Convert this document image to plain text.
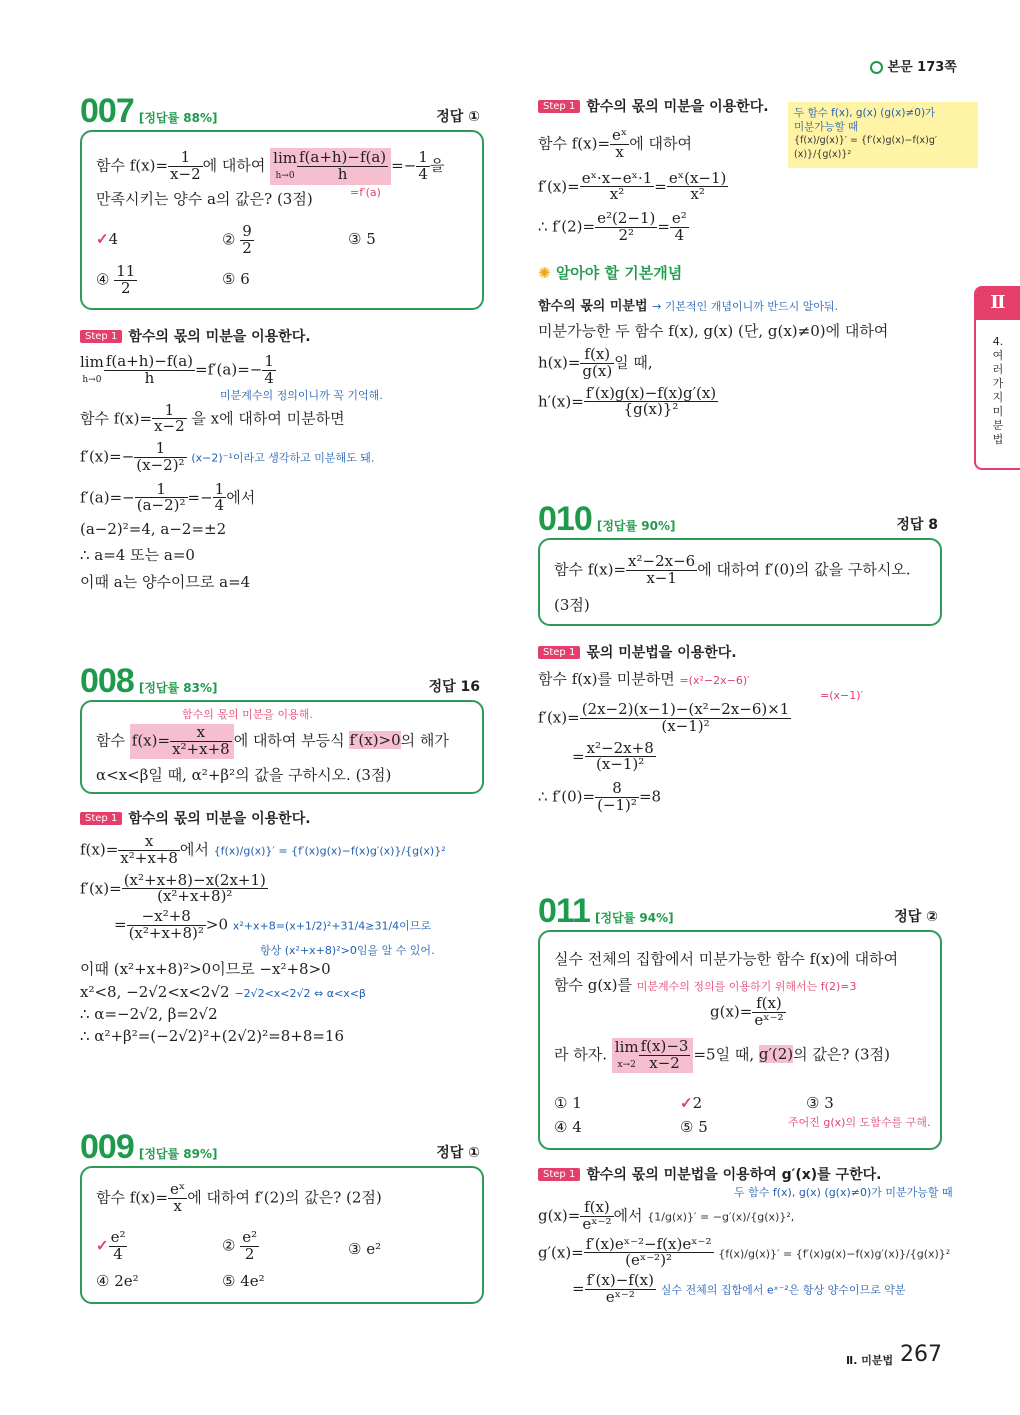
본문 173쪽
007 [정답률 88%]	정답 ①
함수 $f(x)= \frac{1}{x-2}$ 에 대하여 lim
$h\to 0 \frac{f(a+h)-f(a)}{h} =- \frac{1}{4}$ 을
=f′(a)
만족시키는 양수 a의 값은? (3점)
✓4	② $\frac{9}{2}$	③ 5
④ $\frac{11}{2}$	⑤ 6
Step 1 함수의 몫의 미분을 이용한다.
lim
$h\to 0 \frac{f(a+h)-f(a)}{h} =f'(a)=- \frac{1}{4}$
미분계수의 정의이니까 꼭 기억해.
함수 $f(x)= \frac{1}{x-2}$ 을 x에 대하여 미분하면
$f'(x)=- \frac{1}{\text{(x−2)²}} (x-2)^{-1}$이라고 생각하고 미분해도 돼.
$f'(a)=- \frac{1}{\text{(a−2)²}} =- \frac{1}{4}$ 에서
(a−2)²=4, a−2=±2
∴ a=4 또는 a=0
이때 a는 양수이므로 a=4
008 [정답률 83%]	정답 16
함수의 몫의 미분을 이용해.
함수 $f(x)= \frac{x}{\text{x²+x+8}}$ 에 대하여 부등식 f′(x)>0의 해가
α<x<β일 때, α²+β²의 값을 구하시오. (3점)
Step 1 함수의 몫의 미분을 이용한다.
$f(x)= \frac{x}{\text{x²+x+8}}$ 에서 {f(x)/g(x)}′ = {f′(x)g(x)−f(x)g′(x)}/{g(x)}²
$f'(x)= \frac{\text{(x²+x+8)−x(2x+1)}}{\text{(x²+x+8)²}}$
= $\frac{\text{−x²+8}}{\text{(x²+x+8)²}} >0$ x²+x+8=(x+1/2)²+31/4≥31/4이므로
항상 (x²+x+8)²>0임을 알 수 있어.
이때 (x²+x+8)²>0이므로 −x²+8>0
x²<8, −2√2<x<2√2 −2√2<x<2√2 ⇔ α<x<β
∴ α=−2√2, β=2√2
∴ α²+β²=(−2√2)²+(2√2)²=8+8=16
009 [정답률 89%]	정답 ①
함수 $f(x)= \frac{\text{eˣ}}{x}$ 에 대하여 f′(2)의 값은? (2점)
✓ $\frac{\text{e²}}{4}$	② $\frac{\text{e²}}{2}$	③ e²
④ 2e²	⑤ 4e²
Step 1 함수의 몫의 미분을 이용한다.
함수 $f(x)= \frac{\text{eˣ}}{x}$ 에 대하여
$f'(x)= \frac{\text{eˣ·x−eˣ·1}}{\text{x²}} = \frac{\text{eˣ(x−1)}}{\text{x²}}$
∴ $f'(2)= \frac{\text{e²(2−1)}}{\text{2²}} = \frac{\text{e²}}{4}$
두 함수 f(x), g(x) (g(x)≠0)가
미분가능할 때
{f(x)/g(x)}′ = {f′(x)g(x)−f(x)g′(x)}/{g(x)}²
✺ 알아야 할 기본개념
함수의 몫의 미분법 → 기본적인 개념이니까 반드시 알아둬.
미분가능한 두 함수 f(x), g(x) (단, g(x)≠0)에 대하여
$h(x)= \frac{f(x)}{g(x)}$ 일 때,
$h'(x)= \frac{f'(x)g(x)-f(x)g'(x)}{\text{\{g(x)\}²}}$
010 [정답률 90%]	정답 8
함수 $f(x)= \frac{\text{x²−2x−6}}{x-1}$ 에 대하여 f′(0)의 값을 구하시오.
(3점)
Step 1 몫의 미분법을 이용한다.
함수 f(x)를 미분하면 =(x²−2x−6)′
=(x−1)′
$f'(x)= \frac{\text{(2x−2)(x−1)−(x²−2x−6)×1}}{\text{(x−1)²}}$
= $\frac{\text{x²−2x+8}}{\text{(x−1)²}}$
∴ $f'(0)= \frac{8}{\text{(−1)²}} =8$
011 [정답률 94%]	정답 ②
실수 전체의 집합에서 미분가능한 함수 f(x)에 대하여
함수 g(x)를 미분계수의 정의를 이용하기 위해서는 f(2)=3
$g(x)= \frac{f(x)}{\text{eˣ⁻²}}$
라 하자. lim
$x\to 2 \frac{f(x)-3}{x-2} =5$일 때, g′(2)의 값은? (3점)
① 1	✓2	③ 3
주어진 g(x)의 도함수를 구해.
④ 4	⑤ 5
Step 1 함수의 몫의 미분법을 이용하여 g′(x)를 구한다.
두 함수 f(x), g(x) (g(x)≠0)가 미분가능할 때
$g(x)= \frac{f(x)}{\text{eˣ⁻²}}$ 에서 {1/g(x)}′ = −g′(x)/{g(x)}²,
$g'(x)= \frac{\text{f′(x)eˣ⁻²−f(x)eˣ⁻²}}{\text{(eˣ⁻²)²}} \{f(x)/g(x)\}' = \{f'(x)g(x)-f(x)g'(x)\}/\{g(x)\}^2$
= $\frac{f'(x)-f(x)}{\text{eˣ⁻²}}$ 실수 전체의 집합에서 eˣ⁻²은 항상 양수이므로 약분
Ⅱ
4. 여러 가지 미분법
Ⅱ. 미분법 267
